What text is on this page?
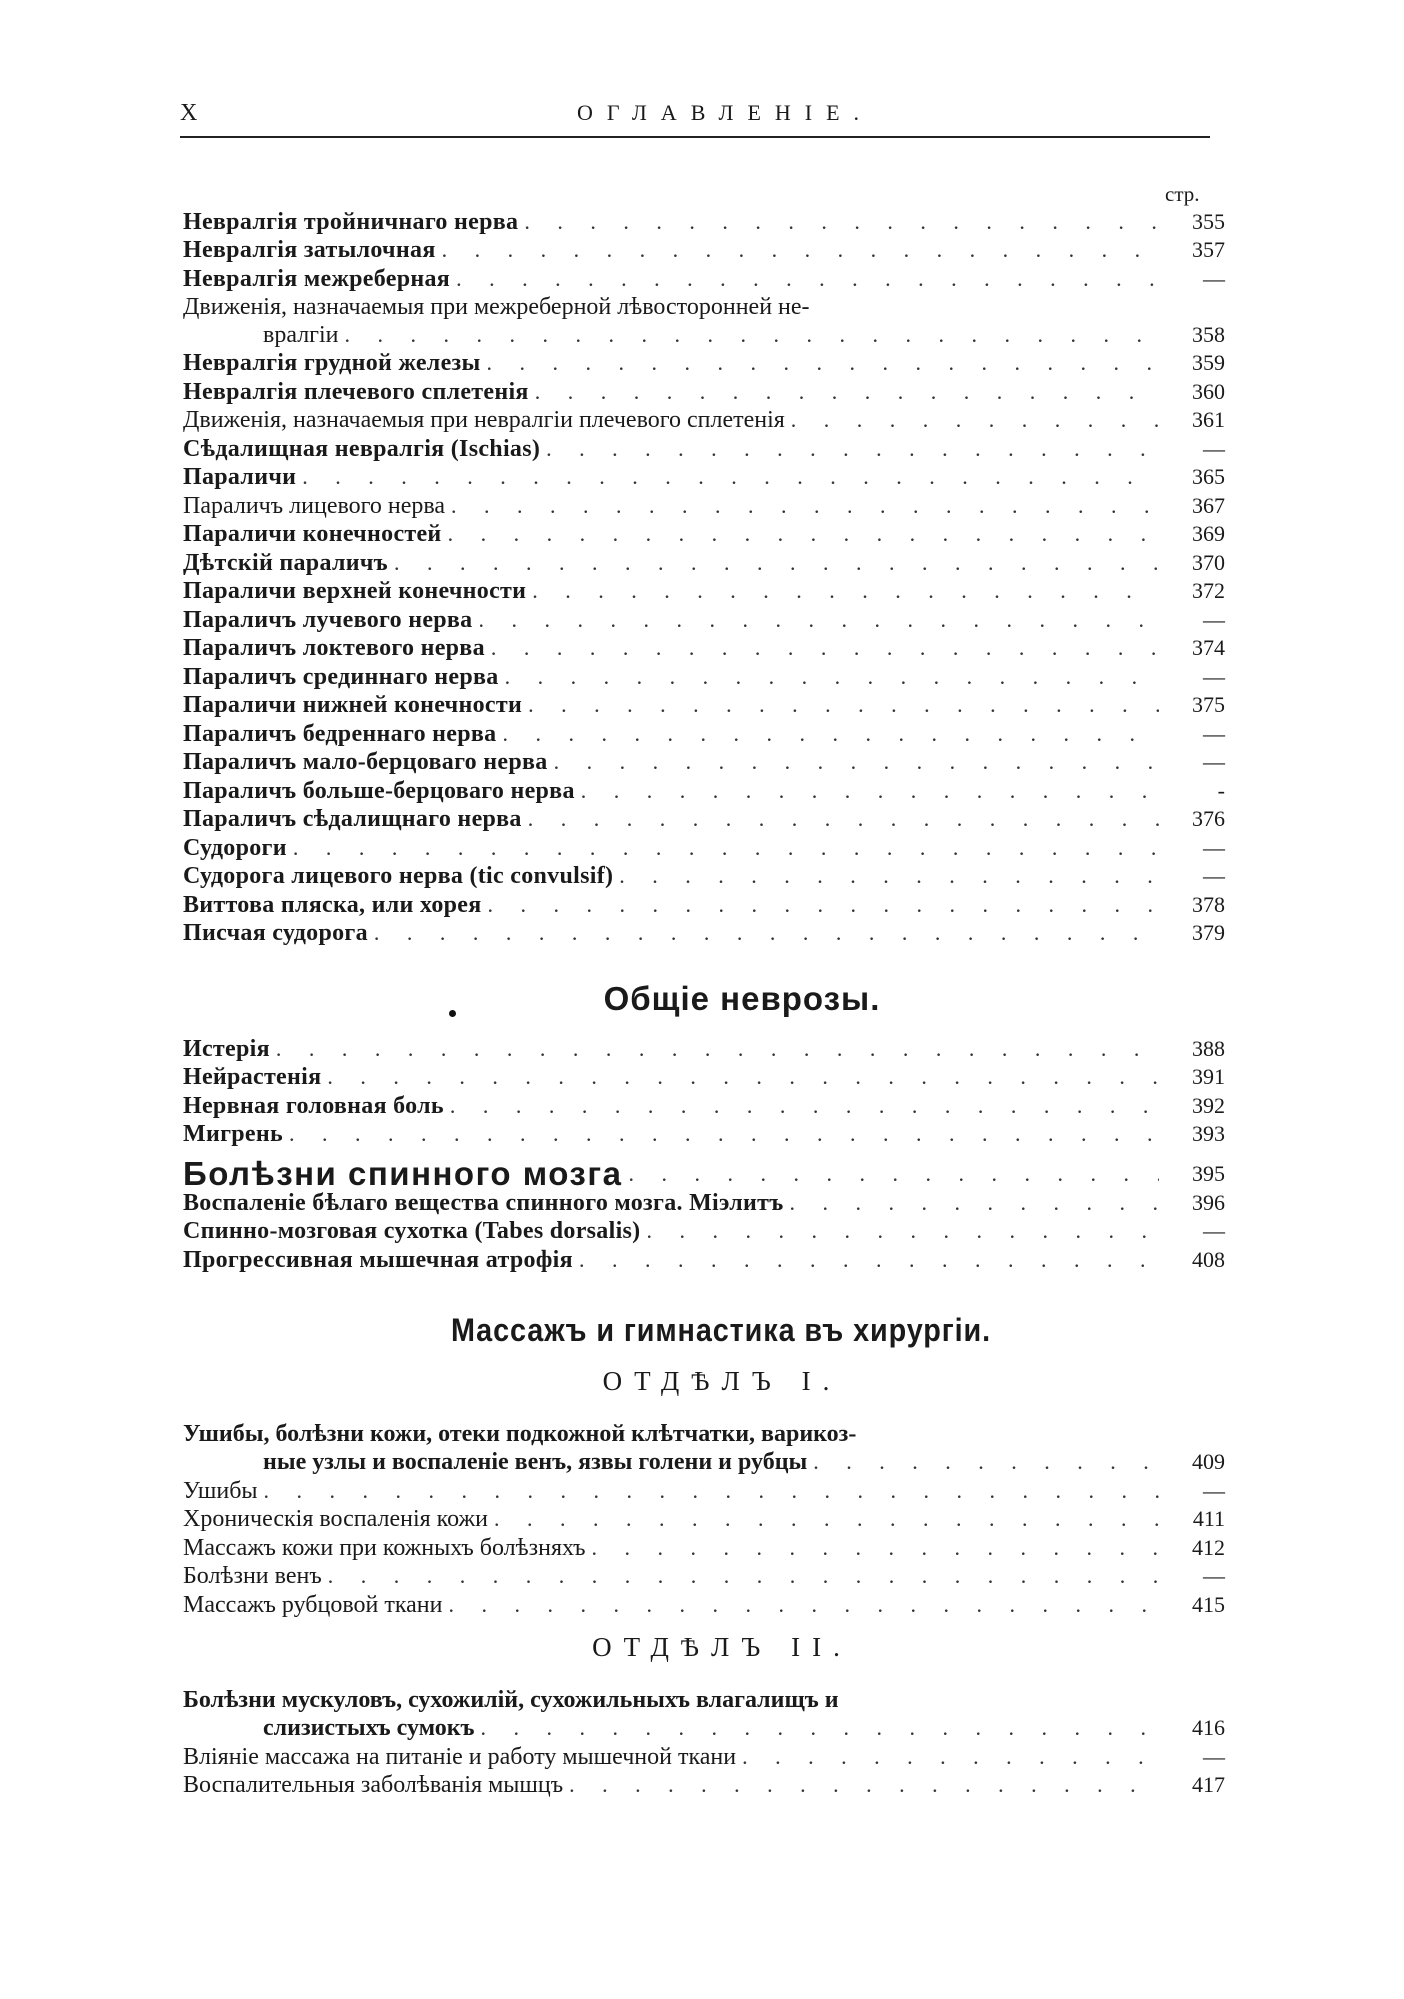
X	ОГЛАВЛЕНІЕ.
стр.
Невралгія тройничнаго нерва . . .	355
Невралгія затылочная . . .	357
Невралгія межреберная . . .	—
Движенія, назначаемыя при межреберной лѣвосторонней не-
вралгіи . . .	358
Невралгія грудной железы . . .	359
Невралгія плечевого сплетенія . . .	360
Движенія, назначаемыя при невралгіи плечевого сплетенія . . .	361
Сѣдалищная невралгія (Ischias) . . .	—
Параличи . . .	365
Параличъ лицевого нерва . . .	367
Параличи конечностей . . .	369
Дѣтскій параличъ . . .	370
Параличи верхней конечности . . .	372
Параличъ лучевого нерва . . .	—
Параличъ локтевого нерва . . .	374
Параличъ срединнаго нерва . . .	—
Параличи нижней конечности . . .	375
Параличъ бедреннаго нерва . . .	—
Параличъ мало-берцоваго нерва . . .	—
Параличъ больше-берцоваго нерва . . .	-
Параличъ сѣдалищнаго нерва . . .	376
Судороги . . .	—
Судорога лицевого нерва (tic convulsif) . . .	—
Виттова пляска, или хорея . . .	378
Писчая судорога . . .	379
Общіе неврозы.
Истерія . . .	388
Нейрастенія . . .	391
Нервная головная боль . . .	392
Мигрень . . .	393
Болѣзни спинного мозга . . .	395
Воспаленіе бѣлаго вещества спинного мозга. Міэлитъ . . .	396
Спинно-мозговая сухотка (Tabes dorsalis) . . .	—
Прогрессивная мышечная атрофія . . .	408
Массажъ и гимнастика въ хирургіи.
ОТДѢЛЪ I.
Ушибы, болѣзни кожи, отеки подкожной клѣтчатки, варикоз-
ные узлы и воспаленіе венъ, язвы голени и рубцы . . .	409
Ушибы . . .	—
Хроническія воспаленія кожи . . .	411
Массажъ кожи при кожныхъ болѣзняхъ . . .	412
Болѣзни венъ . . .	—
Массажъ рубцовой ткани . . .	415
ОТДѢЛЪ II.
Болѣзни мускуловъ, сухожилій, сухожильныхъ влагалищъ и
слизистыхъ сумокъ . . .	416
Вліяніе массажа на питаніе и работу мышечной ткани . . .	—
Воспалительныя заболѣванія мышцъ . . .	417
